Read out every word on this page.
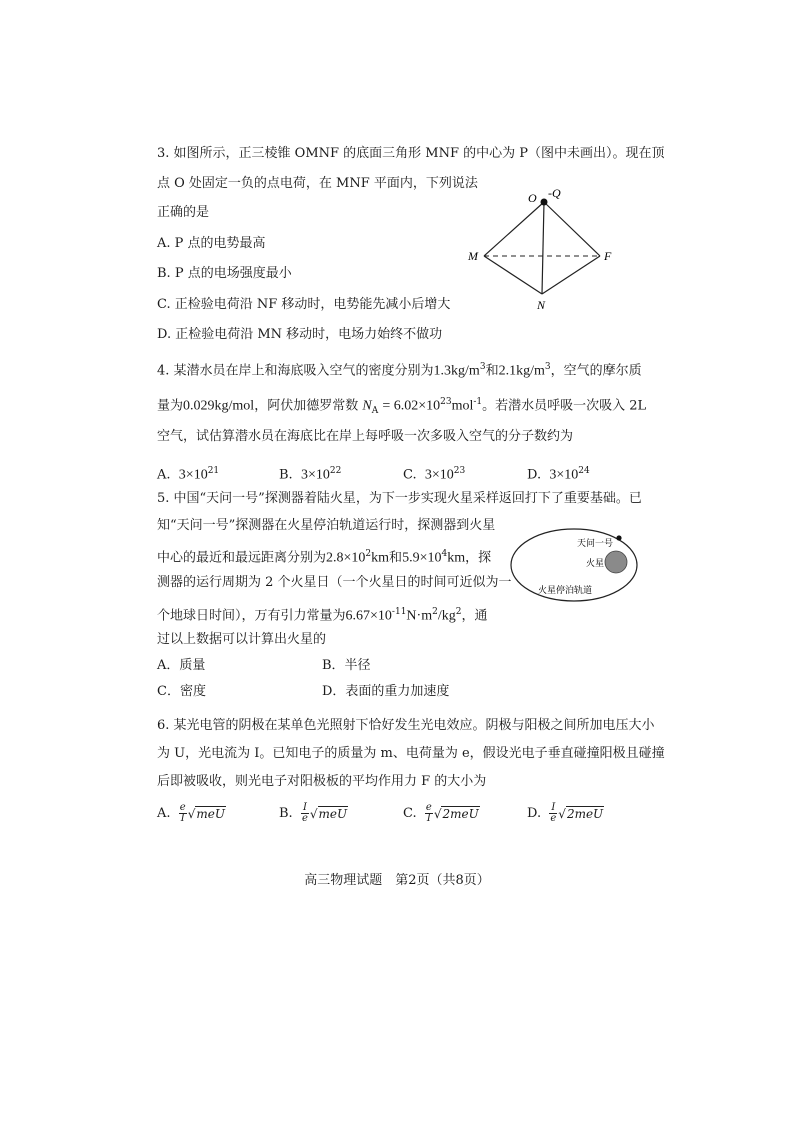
3. 如图所示，正三棱锥 OMNF 的底面三角形 MNF 的中心为 P（图中未画出）。现在顶
点 O 处固定一负的点电荷，在 MNF 平面内，下列说法
正确的是
A. P 点的电势最高
B. P 点的电场强度最小
C. 正检验电荷沿 NF 移动时，电势能先减小后增大
D. 正检验电荷沿 MN 移动时，电场力始终不做功
O -Q
M	F
N
4. 某潜水员在岸上和海底吸入空气的密度分别为$1.3kg/m^3$和$2.1kg/m^3$，空气的摩尔质
量为0.029kg/mol，阿伏加德罗常数 $N_A = 6.02\times 10^{23}mol^{-1}$。若潜水员呼吸一次吸入 2L
空气，试估算潜水员在海底比在岸上每呼吸一次多吸入空气的分子数约为
A. $3\times 10^{21}$	B. $3\times 10^{22}$	C. $3\times 10^{23}$	D. $3\times 10^{24}$
5. 中国“天问一号”探测器着陆火星，为下一步实现火星采样返回打下了重要基础。已
知“天问一号”探测器在火星停泊轨道运行时，探测器到火星
中心的最近和最远距离分别为$2.8\times 10^2km$和$5.9\times 10^4km$，探
测器的运行周期为 2 个火星日（一个火星日的时间可近似为一
个地球日时间），万有引力常量为$6.67\times 10^{-11}N\cdot m^2/kg^2$，通
过以上数据可以计算出火星的
A．质量	B．半径
C．密度	D．表面的重力加速度
天问一号
火星
火星停泊轨道
6. 某光电管的阴极在某单色光照射下恰好发生光电效应。阴极与阳极之间所加电压大小
为 U，光电流为 I。已知电子的质量为 m、电荷量为 e，假设光电子垂直碰撞阳极且碰撞
后即被吸收，则光电子对阳极板的平均作用力 F 的大小为
A. $\frac{e}{I} √meU$	B. $\frac{I}{e} √meU$	C. $\frac{e}{I} √2meU$	D. $\frac{I}{e} √2meU$
高三物理试题　第2页（共8页）
